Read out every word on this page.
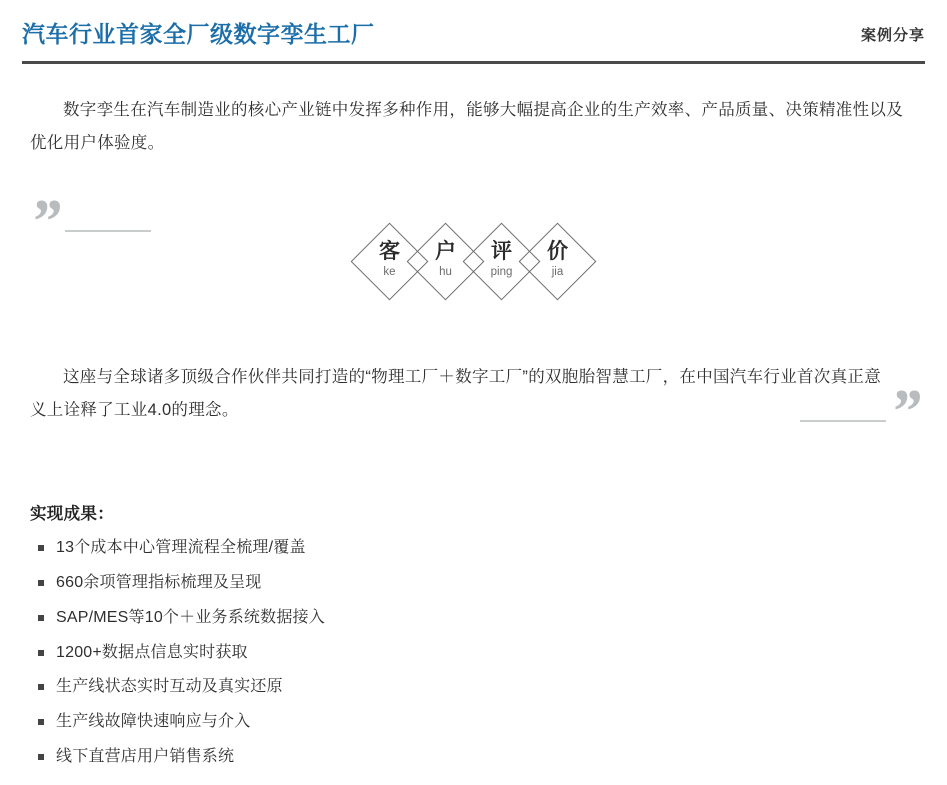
汽车行业首家全厂级数字孪生工厂	案例分享

数字孪生在汽车制造业的核心产业链中发挥多种作用，能够大幅提高企业的生产效率、产品质量、决策精准性以及优化用户体验度。

”	客
ke
户
hu
评
ping
价
jia

这座与全球诸多顶级合作伙伴共同打造的“物理工厂＋数字工厂”的双胞胎智慧工厂，在中国汽车行业首次真正意义上诠释了工业4.0的理念。	”
实现成果：
13个成本中心管理流程全梳理/覆盖
660余项管理指标梳理及呈现
SAP/MES等10个＋业务系统数据接入
1200+数据点信息实时获取
生产线状态实时互动及真实还原
生产线故障快速响应与介入
线下直营店用户销售系统
